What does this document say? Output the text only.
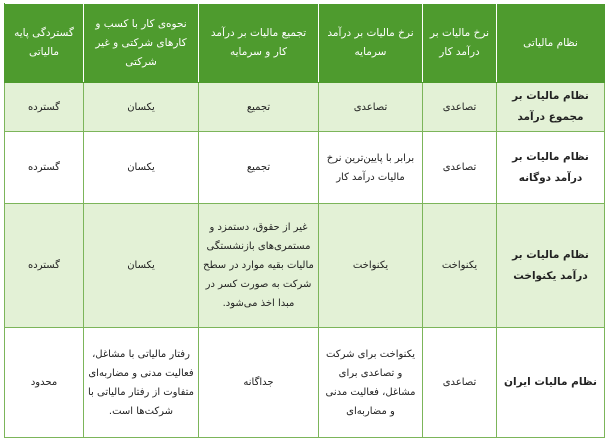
نظام مالیاتی	نرخ مالیات بر درآمد کار	نرخ مالیات بر درآمد سرمایه	تجمیع مالیات بر درآمد کار و سرمایه	نحوه‌ی کار با کسب و کارهای شرکتی و غیر شرکتی	گستردگی پایه مالیاتی
نظام مالیات بر مجموع درآمد	تصاعدی	تصاعدی	تجمیع	یکسان	گسترده
نظام مالیات بر درآمد دوگانه	تصاعدی	برابر با پایین‌ترین نرخ مالیات درآمد کار	تجمیع	یکسان	گسترده
نظام مالیات بر درآمد یکنواخت	یکنواخت	یکنواخت	غیر از حقوق، دستمزد و مستمری‌های بازنشستگی مالیات بقیه موارد در سطح شرکت به صورت کسر در مبدا اخذ می‌شود.	یکسان	گسترده
نظام مالیات ایران	تصاعدی	یکنواخت برای شرکت و تصاعدی برای مشاغل، فعالیت مدنی و مضاربه‌ای	جداگانه	رفتار مالیاتی با مشاغل، فعالیت مدنی و مضاربه‌ای متفاوت از رفتار مالیاتی با شرکت‌ها است.	محدود
